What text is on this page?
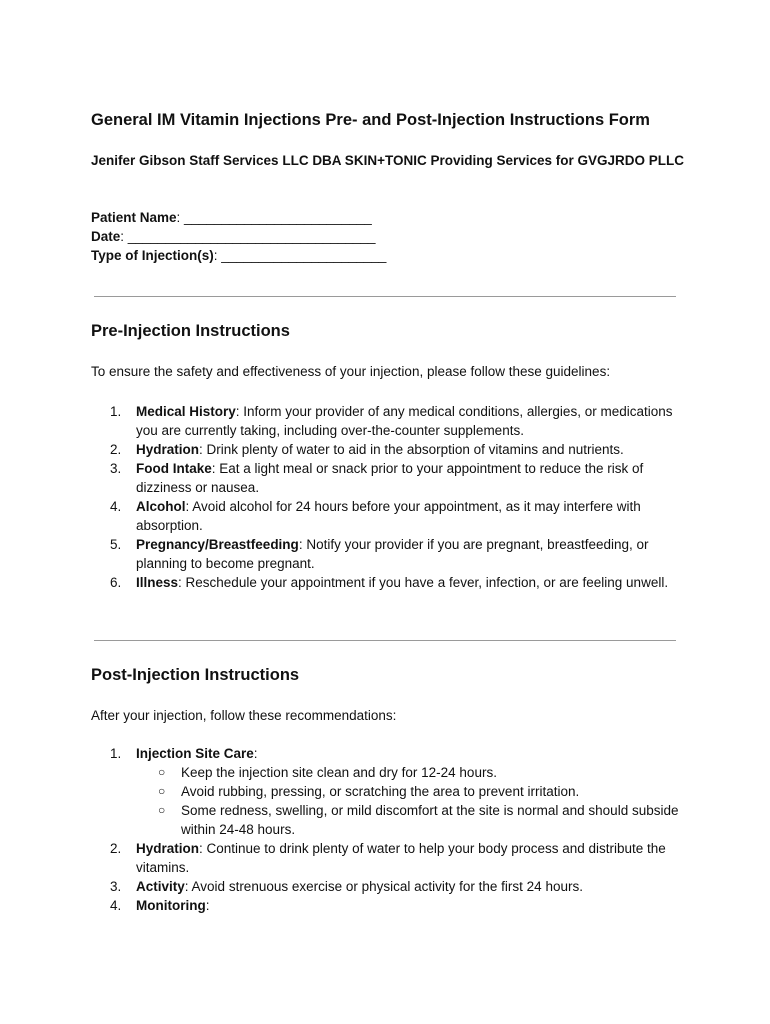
General IM Vitamin Injections Pre- and Post-Injection Instructions Form

Jenifer Gibson Staff Services LLC DBA SKIN+TONIC Providing Services for GVGJRDO PLLC

Patient Name: _________________________
Date: _________________________________
Type of Injection(s): ______________________
Pre-Injection Instructions

To ensure the safety and effectiveness of your injection, please follow these guidelines:

1. Medical History: Inform your provider of any medical conditions, allergies, or medications you are currently taking, including over-the-counter supplements.
2. Hydration: Drink plenty of water to aid in the absorption of vitamins and nutrients.
3. Food Intake: Eat a light meal or snack prior to your appointment to reduce the risk of dizziness or nausea.
4. Alcohol: Avoid alcohol for 24 hours before your appointment, as it may interfere with absorption.
5. Pregnancy/Breastfeeding: Notify your provider if you are pregnant, breastfeeding, or planning to become pregnant.
6. Illness: Reschedule your appointment if you have a fever, infection, or are feeling unwell.
Post-Injection Instructions

After your injection, follow these recommendations:

1. Injection Site Care:
○ Keep the injection site clean and dry for 12-24 hours.
○ Avoid rubbing, pressing, or scratching the area to prevent irritation.
○ Some redness, swelling, or mild discomfort at the site is normal and should subside within 24-48 hours.
2. Hydration: Continue to drink plenty of water to help your body process and distribute the vitamins.
3. Activity: Avoid strenuous exercise or physical activity for the first 24 hours.
4. Monitoring:
